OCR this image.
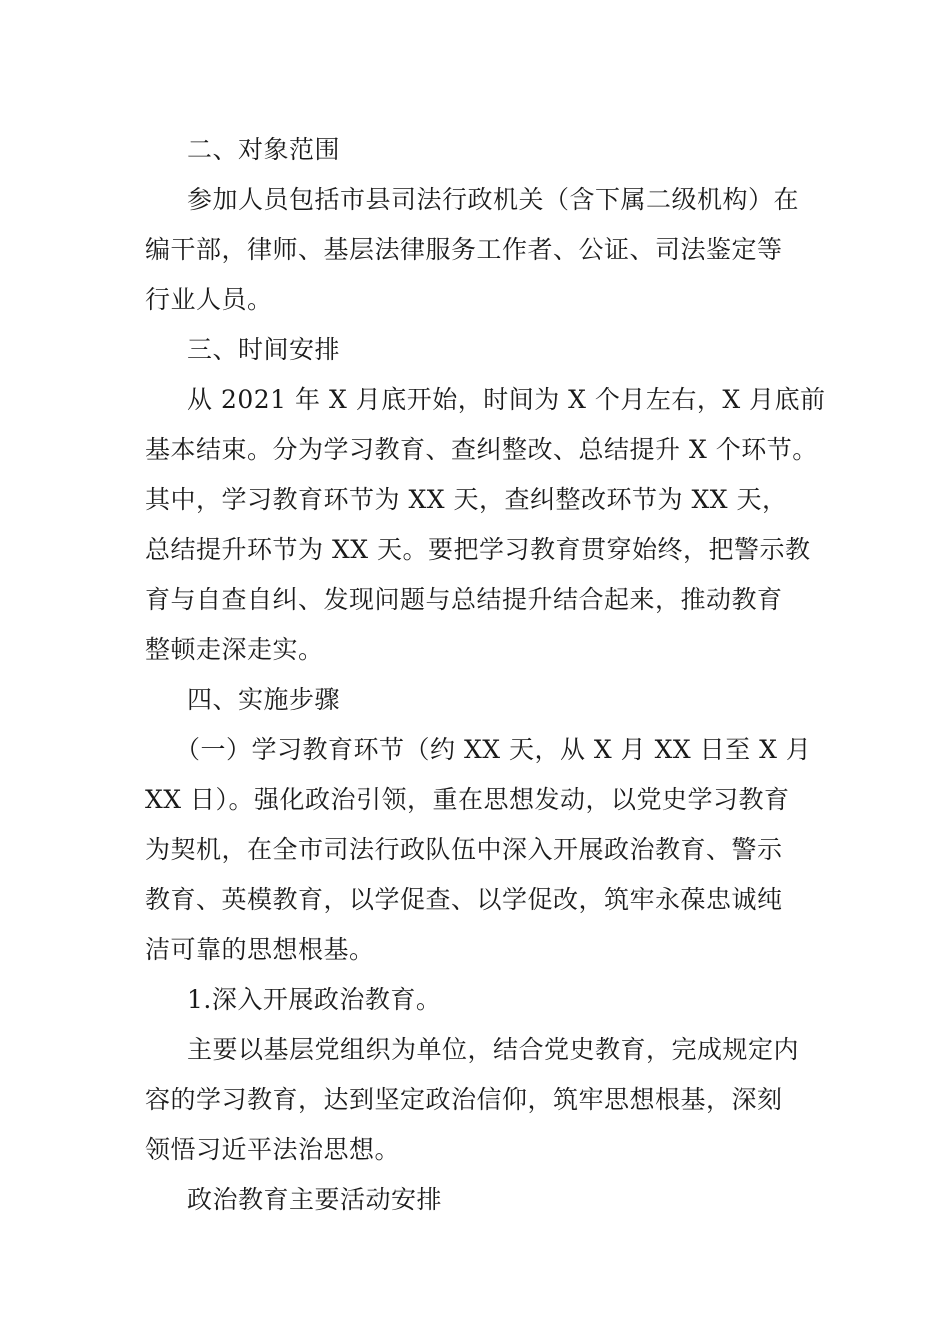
二、对象范围
参加人员包括市县司法行政机关（含下属二级机构）在
编干部，律师、基层法律服务工作者、公证、司法鉴定等
行业人员。
三、时间安排
从 2021 年 X 月底开始，时间为 X 个月左右，X 月底前
基本结束。分为学习教育、查纠整改、总结提升 X 个环节。
其中，学习教育环节为 XX 天，查纠整改环节为 XX 天，
总结提升环节为 XX 天。要把学习教育贯穿始终，把警示教
育与自查自纠、发现问题与总结提升结合起来，推动教育
整顿走深走实。
四、实施步骤
（一）学习教育环节（约 XX 天，从 X 月 XX 日至 X 月
XX 日）。强化政治引领，重在思想发动，以党史学习教育
为契机，在全市司法行政队伍中深入开展政治教育、警示
教育、英模教育，以学促查、以学促改，筑牢永葆忠诚纯
洁可靠的思想根基。
1.深入开展政治教育。
主要以基层党组织为单位，结合党史教育，完成规定内
容的学习教育，达到坚定政治信仰，筑牢思想根基，深刻
领悟习近平法治思想。
政治教育主要活动安排
